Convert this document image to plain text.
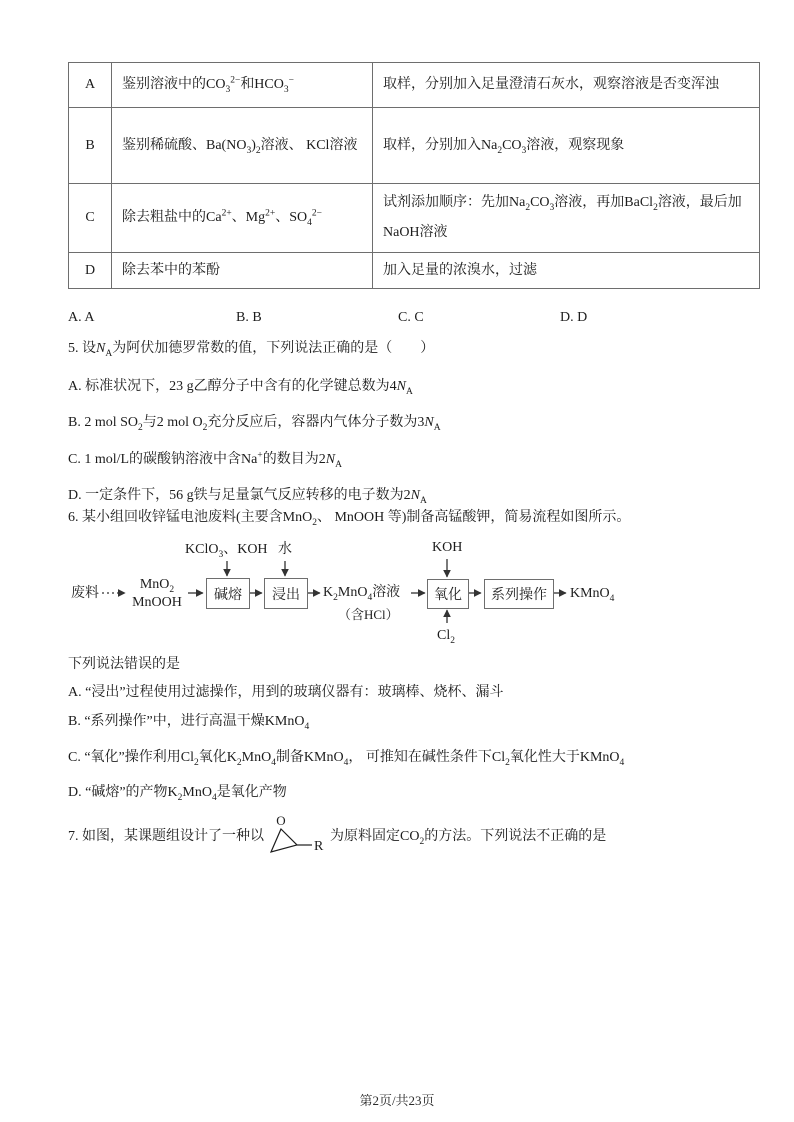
A	鉴别溶液中的$CO_3^{2-}$和$HCO_3^-$	取样，分别加入足量澄清石灰水，观察溶液是否变浑浊
B	鉴别稀硫酸、$Ba(NO_3)_2$溶液、 KCl溶液	取样，分别加入$Na_2CO_3$溶液，观察现象
C	除去粗盐中的$Ca^{2+}$、$Mg^{2+}$、$SO_4^{2-}$	试剂添加顺序：先加$Na_2CO_3$溶液，再加BaCl$_2$溶液，最后加NaOH溶液
D	除去苯中的苯酚	加入足量的浓溴水，过滤
A. A	B. B	C. C	D. D
5. 设$N_A$为阿伏加德罗常数的值，下列说法正确的是（　　）
A. 标准状况下，23 g乙醇分子中含有的化学键总数为$4N_A$
B. 2 mol $SO_2$与2 mol $O_2$充分反应后，容器内气体分子数为$3N_A$
C. 1 mol/L的碳酸钠溶液中含Na+的数目为$2N_A$
D. 一定条件下，56 g铁与足量氯气反应转移的电子数为$2N_A$
6. 某小组回收锌锰电池废料(主要含MnO$_2$、 MnOOH 等)制备高锰酸钾，简易流程如图所示。
废料
MnO$_2$
MnOOH	碱熔	浸出	$K_2MnO_4$溶液
（含HCl）
氧化	系列操作	KMnO$_4$
KClO$_3$、KOH 水	KOH
$Cl_2$
下列说法错误的是
A. “浸出”过程使用过滤操作，用到的玻璃仪器有：玻璃棒、烧杯、漏斗
B. “系列操作”中，进行高温干燥KMnO$_4$
C. “氧化”操作利用$Cl_2$氧化$K_2MnO_4$制备KMnO$_4$， 可推知在碱性条件下$Cl_2$氧化性大于KMnO$_4$
D. “碱熔”的产物$K_2MnO_4$是氧化产物
7. 如图，某课题组设计了一种以
O
R
为原料固定$CO_2$的方法。下列说法不正确的是
第2页/共23页
